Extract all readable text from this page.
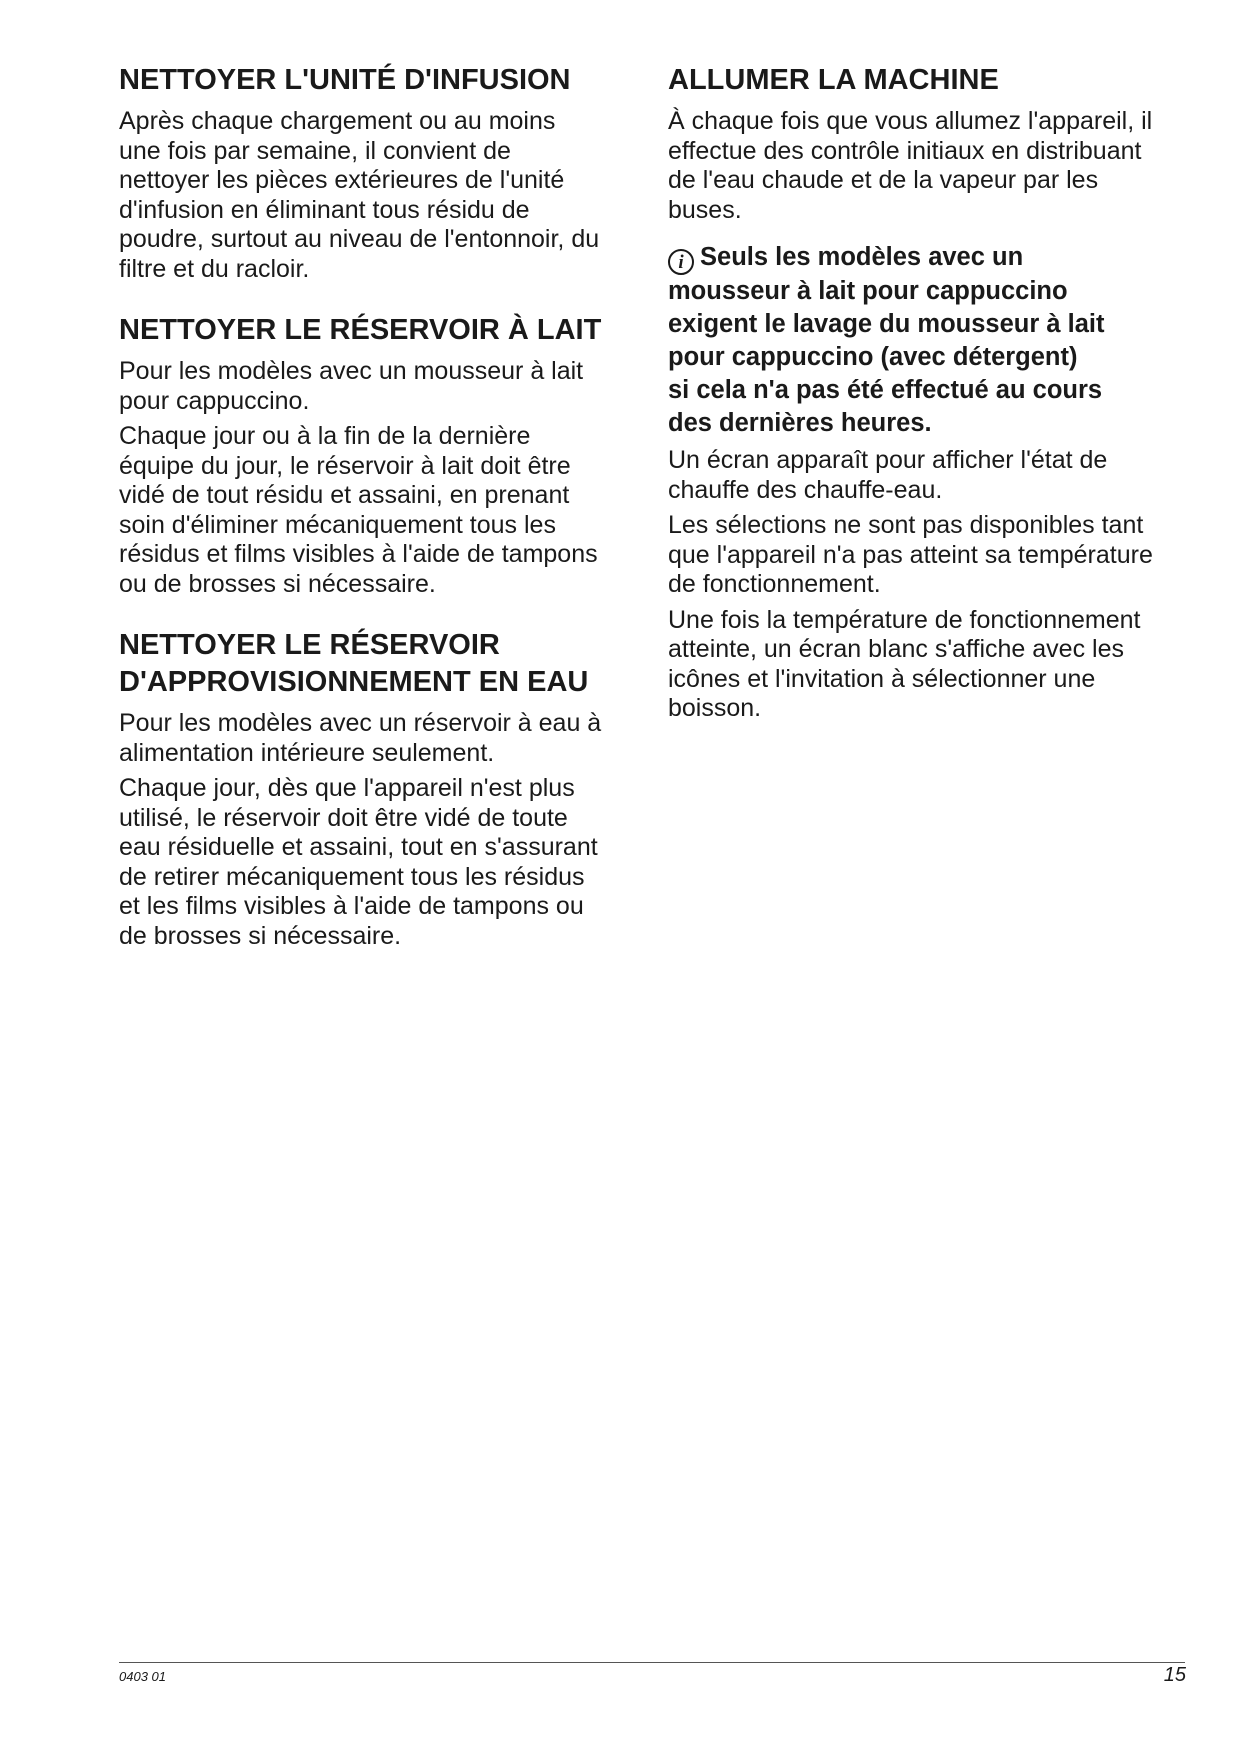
NETTOYER L'UNITÉ D'INFUSION

Après chaque chargement ou au moins
une fois par semaine, il convient de
nettoyer les pièces extérieures de l'unité
d'infusion en éliminant tous résidu de
poudre, surtout au niveau de l'entonnoir, du
filtre et du racloir.

NETTOYER LE RÉSERVOIR À LAIT

Pour les modèles avec un mousseur à lait
pour cappuccino.

Chaque jour ou à la fin de la dernière
équipe du jour, le réservoir à lait doit être
vidé de tout résidu et assaini, en prenant
soin d'éliminer mécaniquement tous les
résidus et films visibles à l'aide de tampons
ou de brosses si nécessaire.

NETTOYER LE RÉSERVOIR
D'APPROVISIONNEMENT EN EAU

Pour les modèles avec un réservoir à eau à
alimentation intérieure seulement.

Chaque jour, dès que l'appareil n'est plus
utilisé, le réservoir doit être vidé de toute
eau résiduelle et assaini, tout en s'assurant
de retirer mécaniquement tous les résidus
et les films visibles à l'aide de tampons ou
de brosses si nécessaire.

ALLUMER LA MACHINE

À chaque fois que vous allumez l'appareil, il
effectue des contrôle initiaux en distribuant
de l'eau chaude et de la vapeur par les
buses.

i Seuls les modèles avec un
mousseur à lait pour cappuccino
exigent le lavage du mousseur à lait
pour cappuccino (avec détergent)
si cela n'a pas été effectué au cours
des dernières heures.

Un écran apparaît pour afficher l'état de
chauffe des chauffe-eau.

Les sélections ne sont pas disponibles tant
que l'appareil n'a pas atteint sa température
de fonctionnement.

Une fois la température de fonctionnement
atteinte, un écran blanc s'affiche avec les
icônes et l'invitation à sélectionner une
boisson.

0403 01	15
